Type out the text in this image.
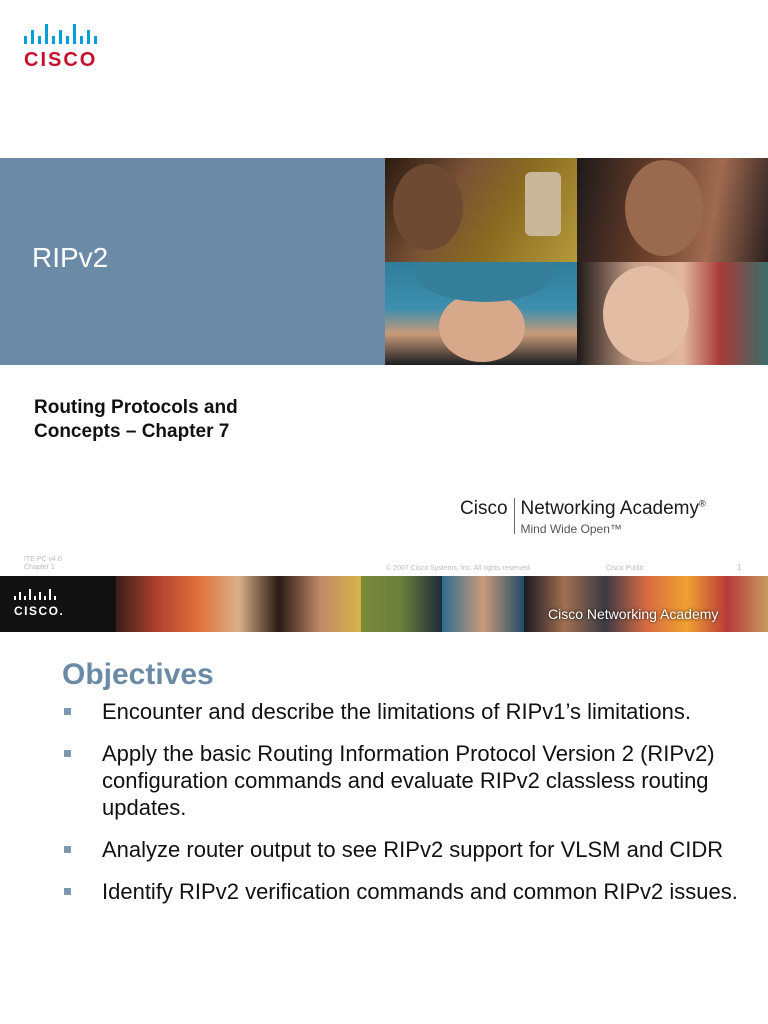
CISCO
RIPv2
Routing Protocols and
Concepts – Chapter 7
Cisco Networking Academy®
Mind Wide Open™
ITE PC v4.0
Chapter 1	© 2007 Cisco Systems, Inc. All rights reserved.	Cisco Public	1
CISCO.	Cisco Networking Academy
Objectives
Encounter and describe the limitations of RIPv1’s limitations.
Apply the basic Routing Information Protocol Version 2 (RIPv2) configuration commands and evaluate RIPv2 classless routing updates.
Analyze router output to see RIPv2 support for VLSM and CIDR
Identify RIPv2 verification commands and common RIPv2 issues.
